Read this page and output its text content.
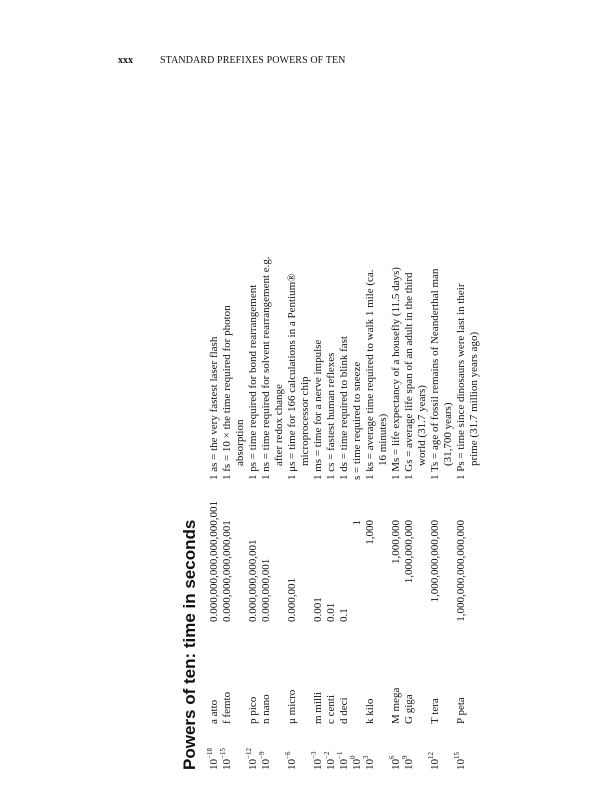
xxx	STANDARD PREFIXES POWERS OF TEN
Powers of ten: time in seconds $10^{-18}$
a atto
0.000,000,000,000,000,001
1 as = the very fastest laser flash
$10^{-15}$
f femto
0.000,000,000,000,001
1 fs = 10 × the time required for photon absorption
$10^{-12}$
p pico
0.000,000,000,001
1 ps = time required for bond rearrangement
$10^{-9}$
n nano
0.000,000,001
1 ns = time required for solvent rearrangement e.g. after redox change
$10^{-6}$
μ micro
0.000,001
1 μs = time for 166 calculations in a Pentium® microprocessor chip
$10^{-3}$
m milli
0.001
1 ms = time for a nerve impulse
$10^{-2}$
c centi
0.01
1 cs = fastest human reflexes
$10^{-1}$
d deci
0.1
1 ds = time required to blink fast
$10^0$
1
s = time required to sneeze
$10^3$
k kilo
1,000
1 ks = average time required to walk 1 mile (ca. 16 minutes)
$10^6$
M mega
1,000,000
1 Ms = life expectancy of a housefly (11.5 days)
$10^9$
G giga
1,000,000,000
1 Gs = average life span of an adult in the third world (31.7 years)
$10^{12}$
T tera
1,000,000,000,000
1 Ts = age of fossil remains of Neanderthal man (31,700 years)
$10^{15}$
P peta
1,000,000,000,000,000
1 Ps = time since dinosaurs were last in their prime (31.7 million years ago)
